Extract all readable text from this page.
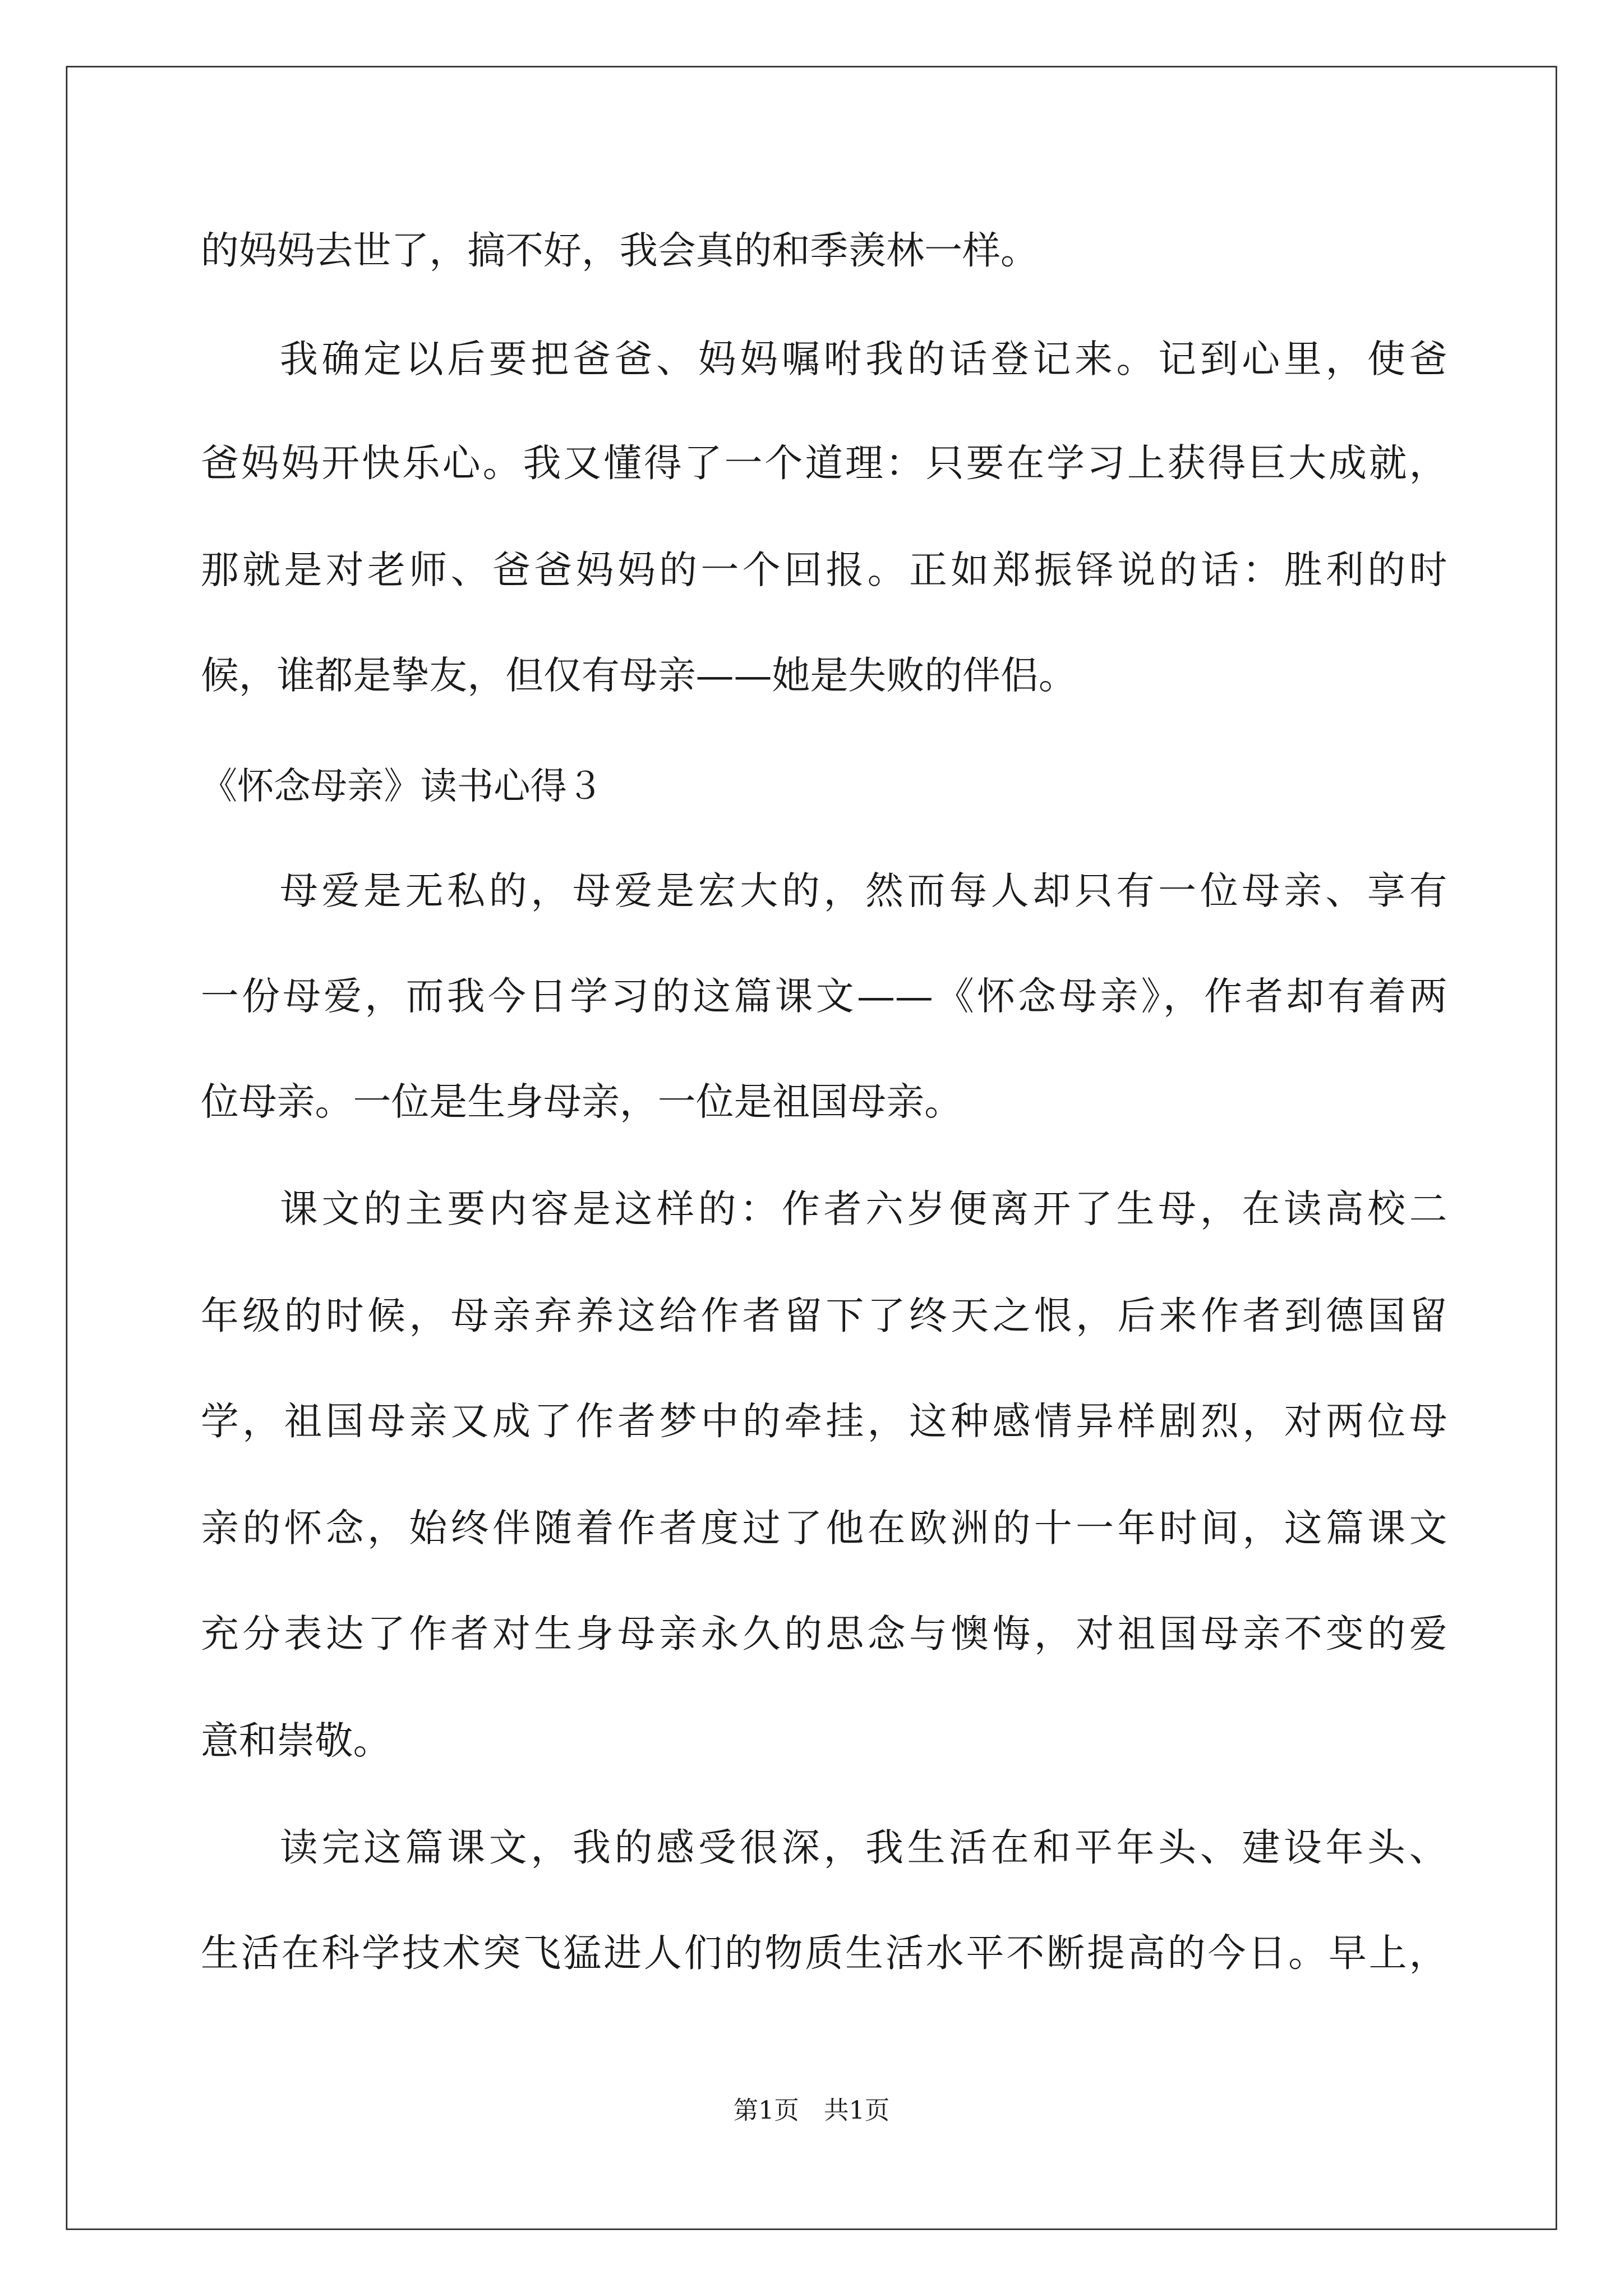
的妈妈去世了，搞不好，我会真的和季羡林一样。
我确定以后要把爸爸、妈妈嘱咐我的话登记来。记到心里，使爸
爸妈妈开快乐心。我又懂得了一个道理：只要在学习上获得巨大成就，
那就是对老师、爸爸妈妈的一个回报。正如郑振铎说的话：胜利的时
候，谁都是挚友，但仅有母亲——她是失败的伴侣。
《怀念母亲》读书心得３
母爱是无私的，母爱是宏大的，然而每人却只有一位母亲、享有
一份母爱，而我今日学习的这篇课文——《怀念母亲》，作者却有着两
位母亲。一位是生身母亲，一位是祖国母亲。
课文的主要内容是这样的：作者六岁便离开了生母，在读高校二
年级的时候，母亲弃养这给作者留下了终天之恨，后来作者到德国留
学，祖国母亲又成了作者梦中的牵挂，这种感情异样剧烈，对两位母
亲的怀念，始终伴随着作者度过了他在欧洲的十一年时间，这篇课文
充分表达了作者对生身母亲永久的思念与懊悔，对祖国母亲不变的爱
意和崇敬。
读完这篇课文，我的感受很深，我生活在和平年头、建设年头、
生活在科学技术突飞猛进人们的物质生活水平不断提高的今日。早上，
第1页　共1页
